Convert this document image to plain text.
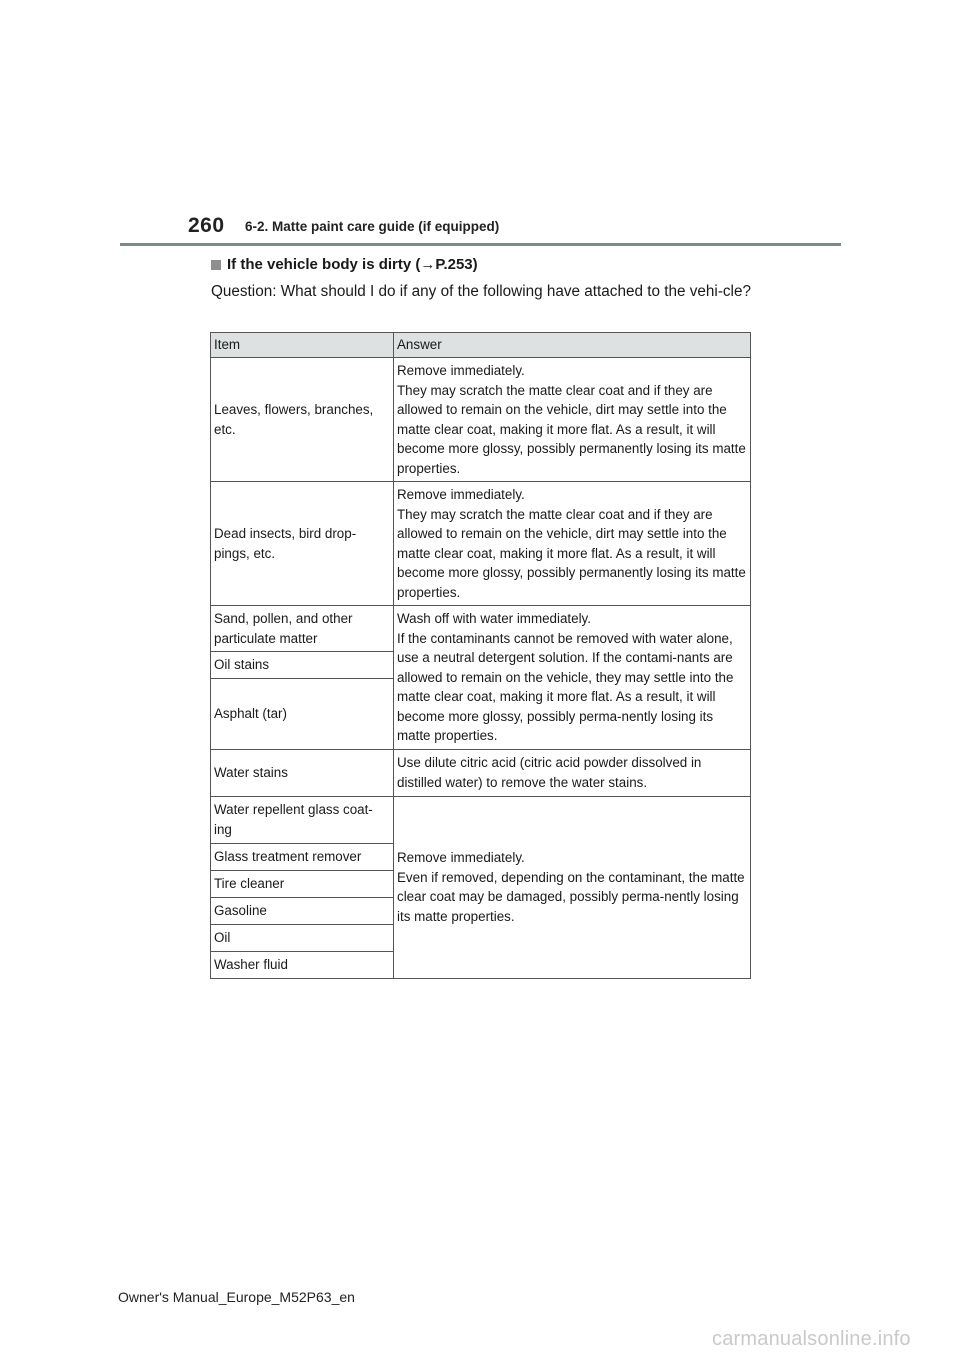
260 6-2. Matte paint care guide (if equipped)
If the vehicle body is dirty ( → P.253)
Question: What should I do if any of the following have attached to the vehi-cle?
Item	Answer
Leaves, flowers, branches, etc.	Remove immediately.
They may scratch the matte clear coat and if they are allowed to remain on the vehicle, dirt may settle into the matte clear coat, making it more flat. As a result, it will become more glossy, possibly permanently losing its matte properties.

Dead insects, bird drop-pings, etc.	Remove immediately.
They may scratch the matte clear coat and if they are allowed to remain on the vehicle, dirt may settle into the matte clear coat, making it more flat. As a result, it will become more glossy, possibly permanently losing its matte properties.

Sand, pollen, and other particulate matter	Wash off with water immediately.
If the contaminants cannot be removed with water alone, use a neutral detergent solution. If the contami-nants are allowed to remain on the vehicle, they may settle into the matte clear coat, making it more flat. As a result, it will become more glossy, possibly perma-nently losing its matte properties.

Oil stains	
Asphalt (tar)	
Water stains	Use dilute citric acid (citric acid powder dissolved in distilled water) to remove the water stains.
Water repellent glass coat-ing	Remove immediately.
Even if removed, depending on the contaminant, the matte clear coat may be damaged, possibly perma-nently losing its matte properties.

Glass treatment remover	
Tire cleaner	
Gasoline	
Oil	
Washer fluid	
Owner's Manual_Europe_M52P63_en
carmanualsonline.info
